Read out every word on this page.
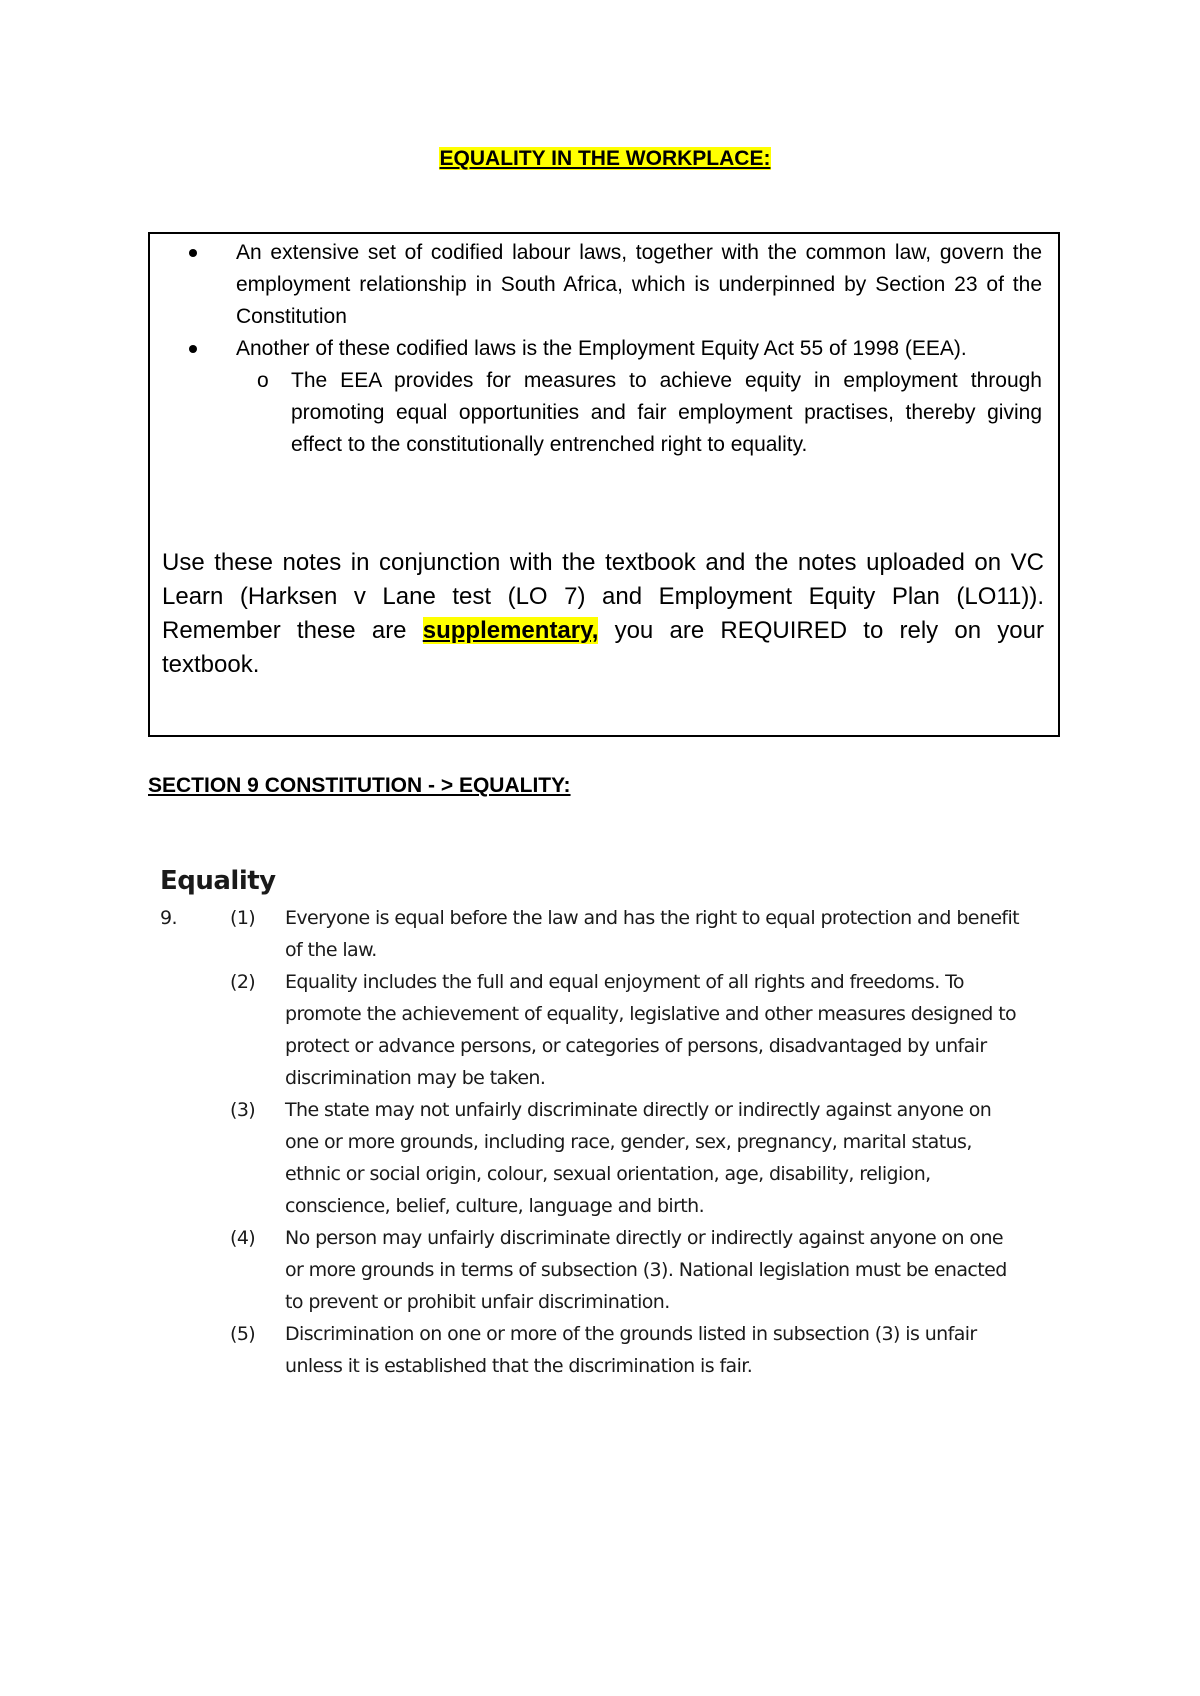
EQUALITY IN THE WORKPLACE:
An extensive set of codified labour laws, together with the common law, govern the employment relationship in South Africa, which is underpinned by Section 23 of the Constitution
Another of these codified laws is the Employment Equity Act 55 of 1998 (EEA).
o The EEA provides for measures to achieve equity in employment through promoting equal opportunities and fair employment practises, thereby giving effect to the constitutionally entrenched right to equality.
Use these notes in conjunction with the textbook and the notes uploaded on VC Learn (Harksen v Lane test (LO 7) and Employment Equity Plan (LO11)). Remember these are supplementary, you are REQUIRED to rely on your textbook.
SECTION 9 CONSTITUTION - > EQUALITY:
Equality
9.	(1)	Everyone is equal before the law and has the right to equal protection and benefit of the law.
(2)	Equality includes the full and equal enjoyment of all rights and freedoms. To promote the achievement of equality, legislative and other measures designed to protect or advance persons, or categories of persons, disadvantaged by unfair discrimination may be taken.
(3)	The state may not unfairly discriminate directly or indirectly against anyone on one or more grounds, including race, gender, sex, pregnancy, marital status, ethnic or social origin, colour, sexual orientation, age, disability, religion, conscience, belief, culture, language and birth.
(4)	No person may unfairly discriminate directly or indirectly against anyone on one or more grounds in terms of subsection (3). National legislation must be enacted to prevent or prohibit unfair discrimination.
(5)	Discrimination on one or more of the grounds listed in subsection (3) is unfair unless it is established that the discrimination is fair.
